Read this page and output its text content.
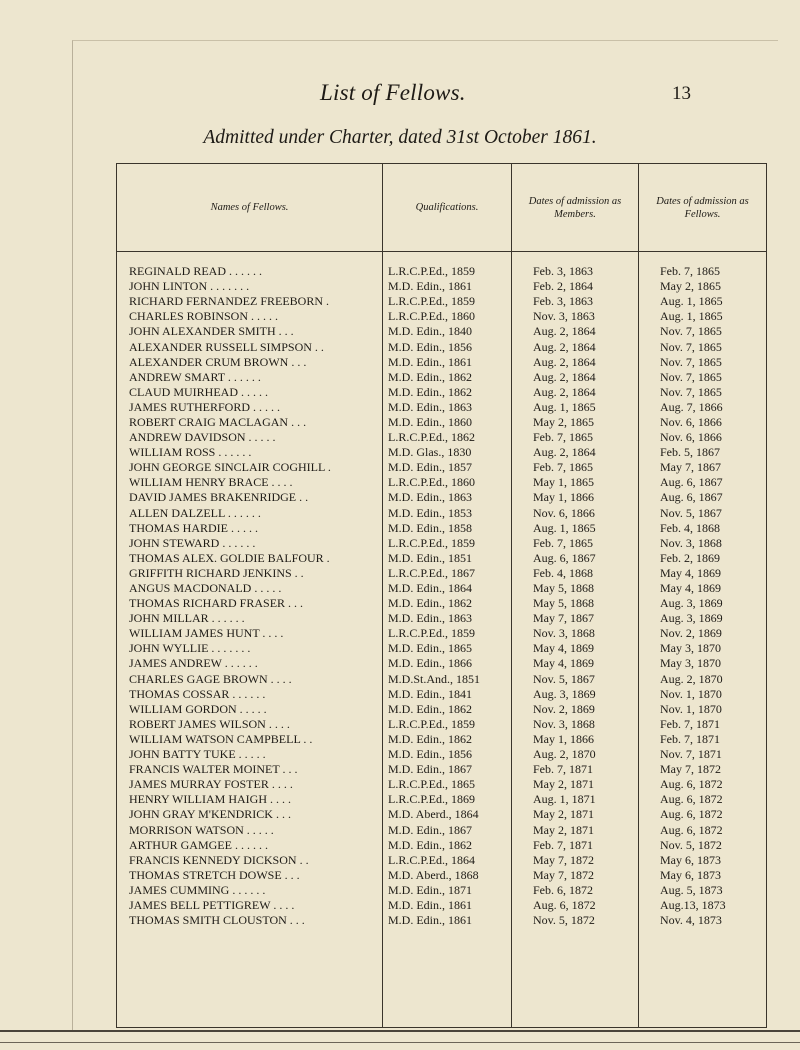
List of Fellows.	13
Admitted under Charter, dated 31st October 1861.
Names of Fellows.	Qualifications.	Dates of admission as Members.	Dates of admission as Fellows.
REGINALD READ . . . . . .	L.R.C.P.Ed., 1859	Feb. 3, 1863	Feb. 7, 1865
JOHN LINTON . . . . . . .	M.D. Edin., 1861	Feb. 2, 1864	May 2, 1865
RICHARD FERNANDEZ FREEBORN .	L.R.C.P.Ed., 1859	Feb. 3, 1863	Aug. 1, 1865
CHARLES ROBINSON . . . . .	L.R.C.P.Ed., 1860	Nov. 3, 1863	Aug. 1, 1865
JOHN ALEXANDER SMITH . . .	M.D. Edin., 1840	Aug. 2, 1864	Nov. 7, 1865
ALEXANDER RUSSELL SIMPSON . .	M.D. Edin., 1856	Aug. 2, 1864	Nov. 7, 1865
ALEXANDER CRUM BROWN . . .	M.D. Edin., 1861	Aug. 2, 1864	Nov. 7, 1865
ANDREW SMART . . . . . .	M.D. Edin., 1862	Aug. 2, 1864	Nov. 7, 1865
CLAUD MUIRHEAD . . . . .	M.D. Edin., 1862	Aug. 2, 1864	Nov. 7, 1865
JAMES RUTHERFORD . . . . .	M.D. Edin., 1863	Aug. 1, 1865	Aug. 7, 1866
ROBERT CRAIG MACLAGAN . . .	M.D. Edin., 1860	May 2, 1865	Nov. 6, 1866
ANDREW DAVIDSON . . . . .	L.R.C.P.Ed., 1862	Feb. 7, 1865	Nov. 6, 1866
WILLIAM ROSS . . . . . .	M.D. Glas., 1830	Aug. 2, 1864	Feb. 5, 1867
JOHN GEORGE SINCLAIR COGHILL .	M.D. Edin., 1857	Feb. 7, 1865	May 7, 1867
WILLIAM HENRY BRACE . . . .	L.R.C.P.Ed., 1860	May 1, 1865	Aug. 6, 1867
DAVID JAMES BRAKENRIDGE . .	M.D. Edin., 1863	May 1, 1866	Aug. 6, 1867
ALLEN DALZELL . . . . . .	M.D. Edin., 1853	Nov. 6, 1866	Nov. 5, 1867
THOMAS HARDIE . . . . .	M.D. Edin., 1858	Aug. 1, 1865	Feb. 4, 1868
JOHN STEWARD . . . . . .	L.R.C.P.Ed., 1859	Feb. 7, 1865	Nov. 3, 1868
THOMAS ALEX. GOLDIE BALFOUR .	M.D. Edin., 1851	Aug. 6, 1867	Feb. 2, 1869
GRIFFITH RICHARD JENKINS . .	L.R.C.P.Ed., 1867	Feb. 4, 1868	May 4, 1869
ANGUS MACDONALD . . . . .	M.D. Edin., 1864	May 5, 1868	May 4, 1869
THOMAS RICHARD FRASER . . .	M.D. Edin., 1862	May 5, 1868	Aug. 3, 1869
JOHN MILLAR . . . . . .	M.D. Edin., 1863	May 7, 1867	Aug. 3, 1869
WILLIAM JAMES HUNT . . . .	L.R.C.P.Ed., 1859	Nov. 3, 1868	Nov. 2, 1869
JOHN WYLLIE . . . . . . .	M.D. Edin., 1865	May 4, 1869	May 3, 1870
JAMES ANDREW . . . . . .	M.D. Edin., 1866	May 4, 1869	May 3, 1870
CHARLES GAGE BROWN . . . .	M.D.St.And., 1851	Nov. 5, 1867	Aug. 2, 1870
THOMAS COSSAR . . . . . .	M.D. Edin., 1841	Aug. 3, 1869	Nov. 1, 1870
WILLIAM GORDON . . . . .	M.D. Edin., 1862	Nov. 2, 1869	Nov. 1, 1870
ROBERT JAMES WILSON . . . .	L.R.C.P.Ed., 1859	Nov. 3, 1868	Feb. 7, 1871
WILLIAM WATSON CAMPBELL . .	M.D. Edin., 1862	May 1, 1866	Feb. 7, 1871
JOHN BATTY TUKE . . . . .	M.D. Edin., 1856	Aug. 2, 1870	Nov. 7, 1871
FRANCIS WALTER MOINET . . .	M.D. Edin., 1867	Feb. 7, 1871	May 7, 1872
JAMES MURRAY FOSTER . . . .	L.R.C.P.Ed., 1865	May 2, 1871	Aug. 6, 1872
HENRY WILLIAM HAIGH . . . .	L.R.C.P.Ed., 1869	Aug. 1, 1871	Aug. 6, 1872
JOHN GRAY M'KENDRICK . . .	M.D. Aberd., 1864	May 2, 1871	Aug. 6, 1872
MORRISON WATSON . . . . .	M.D. Edin., 1867	May 2, 1871	Aug. 6, 1872
ARTHUR GAMGEE . . . . . .	M.D. Edin., 1862	Feb. 7, 1871	Nov. 5, 1872
FRANCIS KENNEDY DICKSON . .	L.R.C.P.Ed., 1864	May 7, 1872	May 6, 1873
THOMAS STRETCH DOWSE . . .	M.D. Aberd., 1868	May 7, 1872	May 6, 1873
JAMES CUMMING . . . . . .	M.D. Edin., 1871	Feb. 6, 1872	Aug. 5, 1873
JAMES BELL PETTIGREW . . . .	M.D. Edin., 1861	Aug. 6, 1872	Aug.13, 1873
THOMAS SMITH CLOUSTON . . .	M.D. Edin., 1861	Nov. 5, 1872	Nov. 4, 1873
